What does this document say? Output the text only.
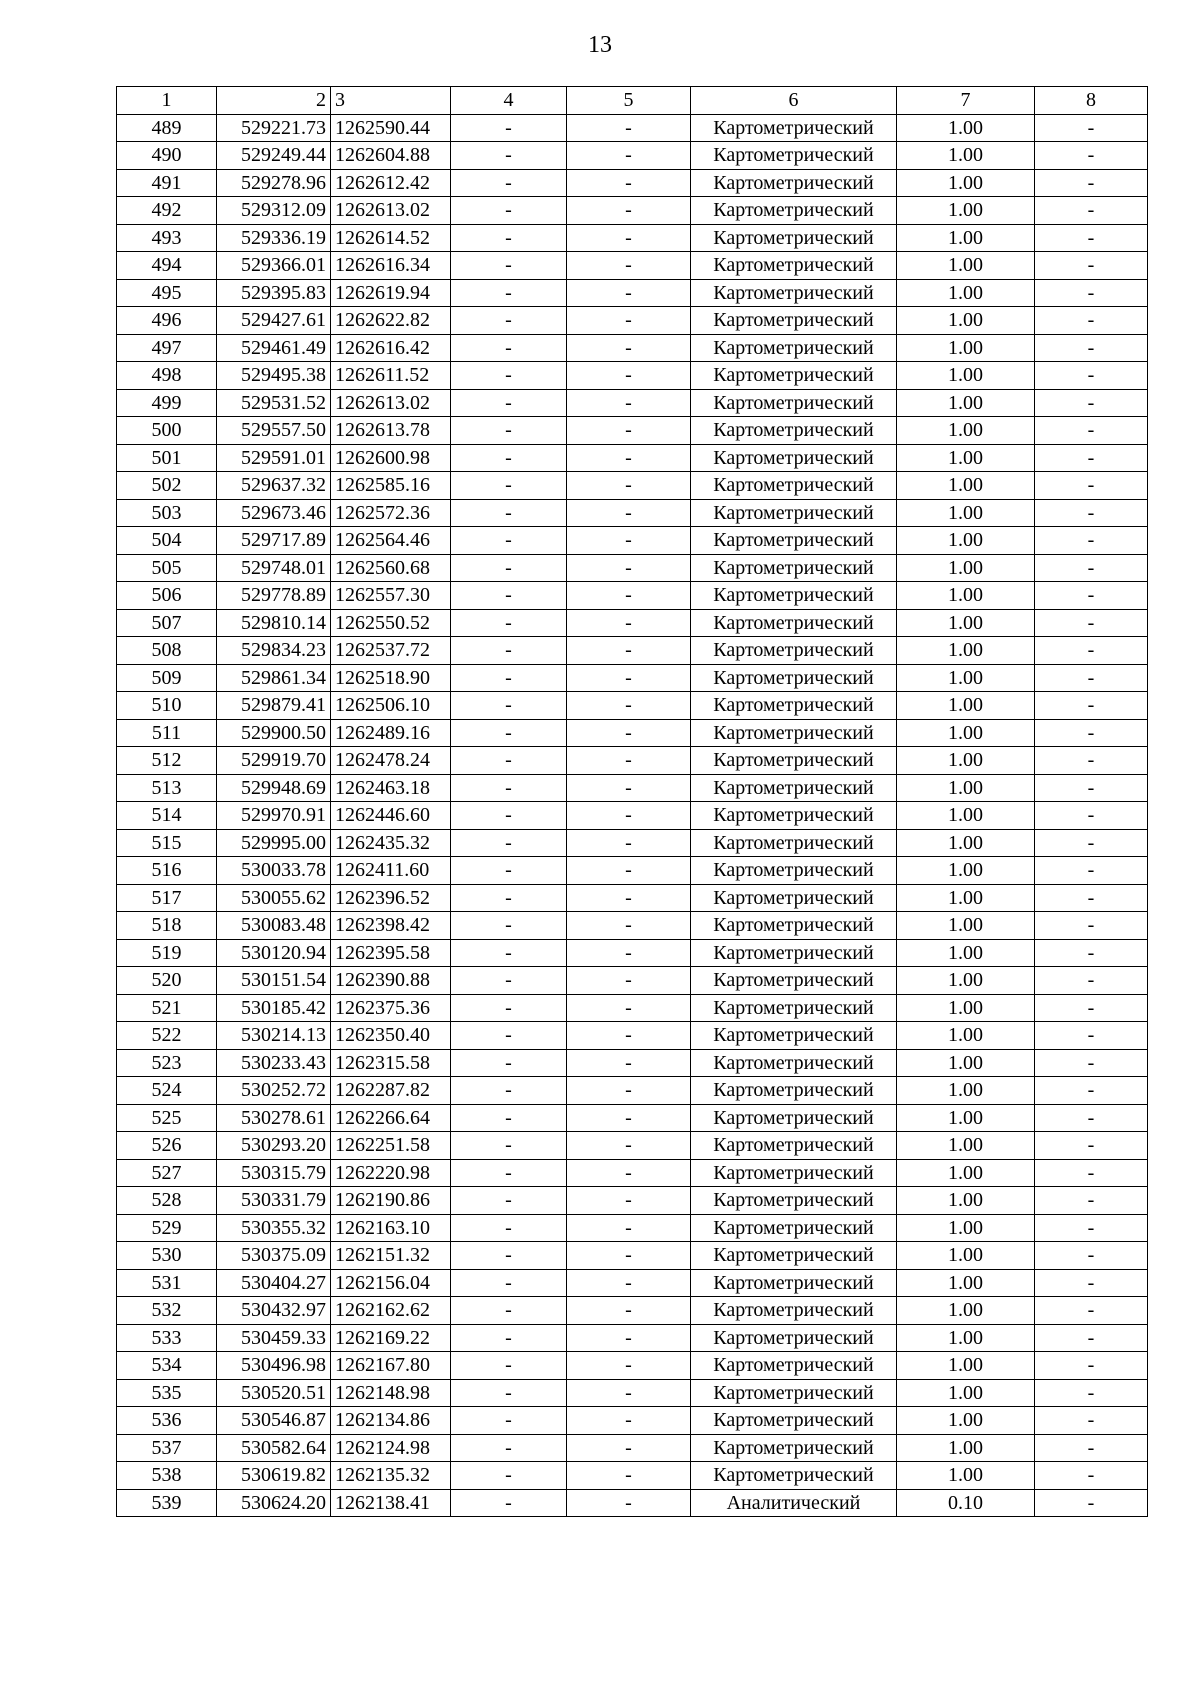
13
1	2	3	4	5	6	7	8
489	529221.73	1262590.44	-	-	Картометрический	1.00	-
490	529249.44	1262604.88	-	-	Картометрический	1.00	-
491	529278.96	1262612.42	-	-	Картометрический	1.00	-
492	529312.09	1262613.02	-	-	Картометрический	1.00	-
493	529336.19	1262614.52	-	-	Картометрический	1.00	-
494	529366.01	1262616.34	-	-	Картометрический	1.00	-
495	529395.83	1262619.94	-	-	Картометрический	1.00	-
496	529427.61	1262622.82	-	-	Картометрический	1.00	-
497	529461.49	1262616.42	-	-	Картометрический	1.00	-
498	529495.38	1262611.52	-	-	Картометрический	1.00	-
499	529531.52	1262613.02	-	-	Картометрический	1.00	-
500	529557.50	1262613.78	-	-	Картометрический	1.00	-
501	529591.01	1262600.98	-	-	Картометрический	1.00	-
502	529637.32	1262585.16	-	-	Картометрический	1.00	-
503	529673.46	1262572.36	-	-	Картометрический	1.00	-
504	529717.89	1262564.46	-	-	Картометрический	1.00	-
505	529748.01	1262560.68	-	-	Картометрический	1.00	-
506	529778.89	1262557.30	-	-	Картометрический	1.00	-
507	529810.14	1262550.52	-	-	Картометрический	1.00	-
508	529834.23	1262537.72	-	-	Картометрический	1.00	-
509	529861.34	1262518.90	-	-	Картометрический	1.00	-
510	529879.41	1262506.10	-	-	Картометрический	1.00	-
511	529900.50	1262489.16	-	-	Картометрический	1.00	-
512	529919.70	1262478.24	-	-	Картометрический	1.00	-
513	529948.69	1262463.18	-	-	Картометрический	1.00	-
514	529970.91	1262446.60	-	-	Картометрический	1.00	-
515	529995.00	1262435.32	-	-	Картометрический	1.00	-
516	530033.78	1262411.60	-	-	Картометрический	1.00	-
517	530055.62	1262396.52	-	-	Картометрический	1.00	-
518	530083.48	1262398.42	-	-	Картометрический	1.00	-
519	530120.94	1262395.58	-	-	Картометрический	1.00	-
520	530151.54	1262390.88	-	-	Картометрический	1.00	-
521	530185.42	1262375.36	-	-	Картометрический	1.00	-
522	530214.13	1262350.40	-	-	Картометрический	1.00	-
523	530233.43	1262315.58	-	-	Картометрический	1.00	-
524	530252.72	1262287.82	-	-	Картометрический	1.00	-
525	530278.61	1262266.64	-	-	Картометрический	1.00	-
526	530293.20	1262251.58	-	-	Картометрический	1.00	-
527	530315.79	1262220.98	-	-	Картометрический	1.00	-
528	530331.79	1262190.86	-	-	Картометрический	1.00	-
529	530355.32	1262163.10	-	-	Картометрический	1.00	-
530	530375.09	1262151.32	-	-	Картометрический	1.00	-
531	530404.27	1262156.04	-	-	Картометрический	1.00	-
532	530432.97	1262162.62	-	-	Картометрический	1.00	-
533	530459.33	1262169.22	-	-	Картометрический	1.00	-
534	530496.98	1262167.80	-	-	Картометрический	1.00	-
535	530520.51	1262148.98	-	-	Картометрический	1.00	-
536	530546.87	1262134.86	-	-	Картометрический	1.00	-
537	530582.64	1262124.98	-	-	Картометрический	1.00	-
538	530619.82	1262135.32	-	-	Картометрический	1.00	-
539	530624.20	1262138.41	-	-	Аналитический	0.10	-
